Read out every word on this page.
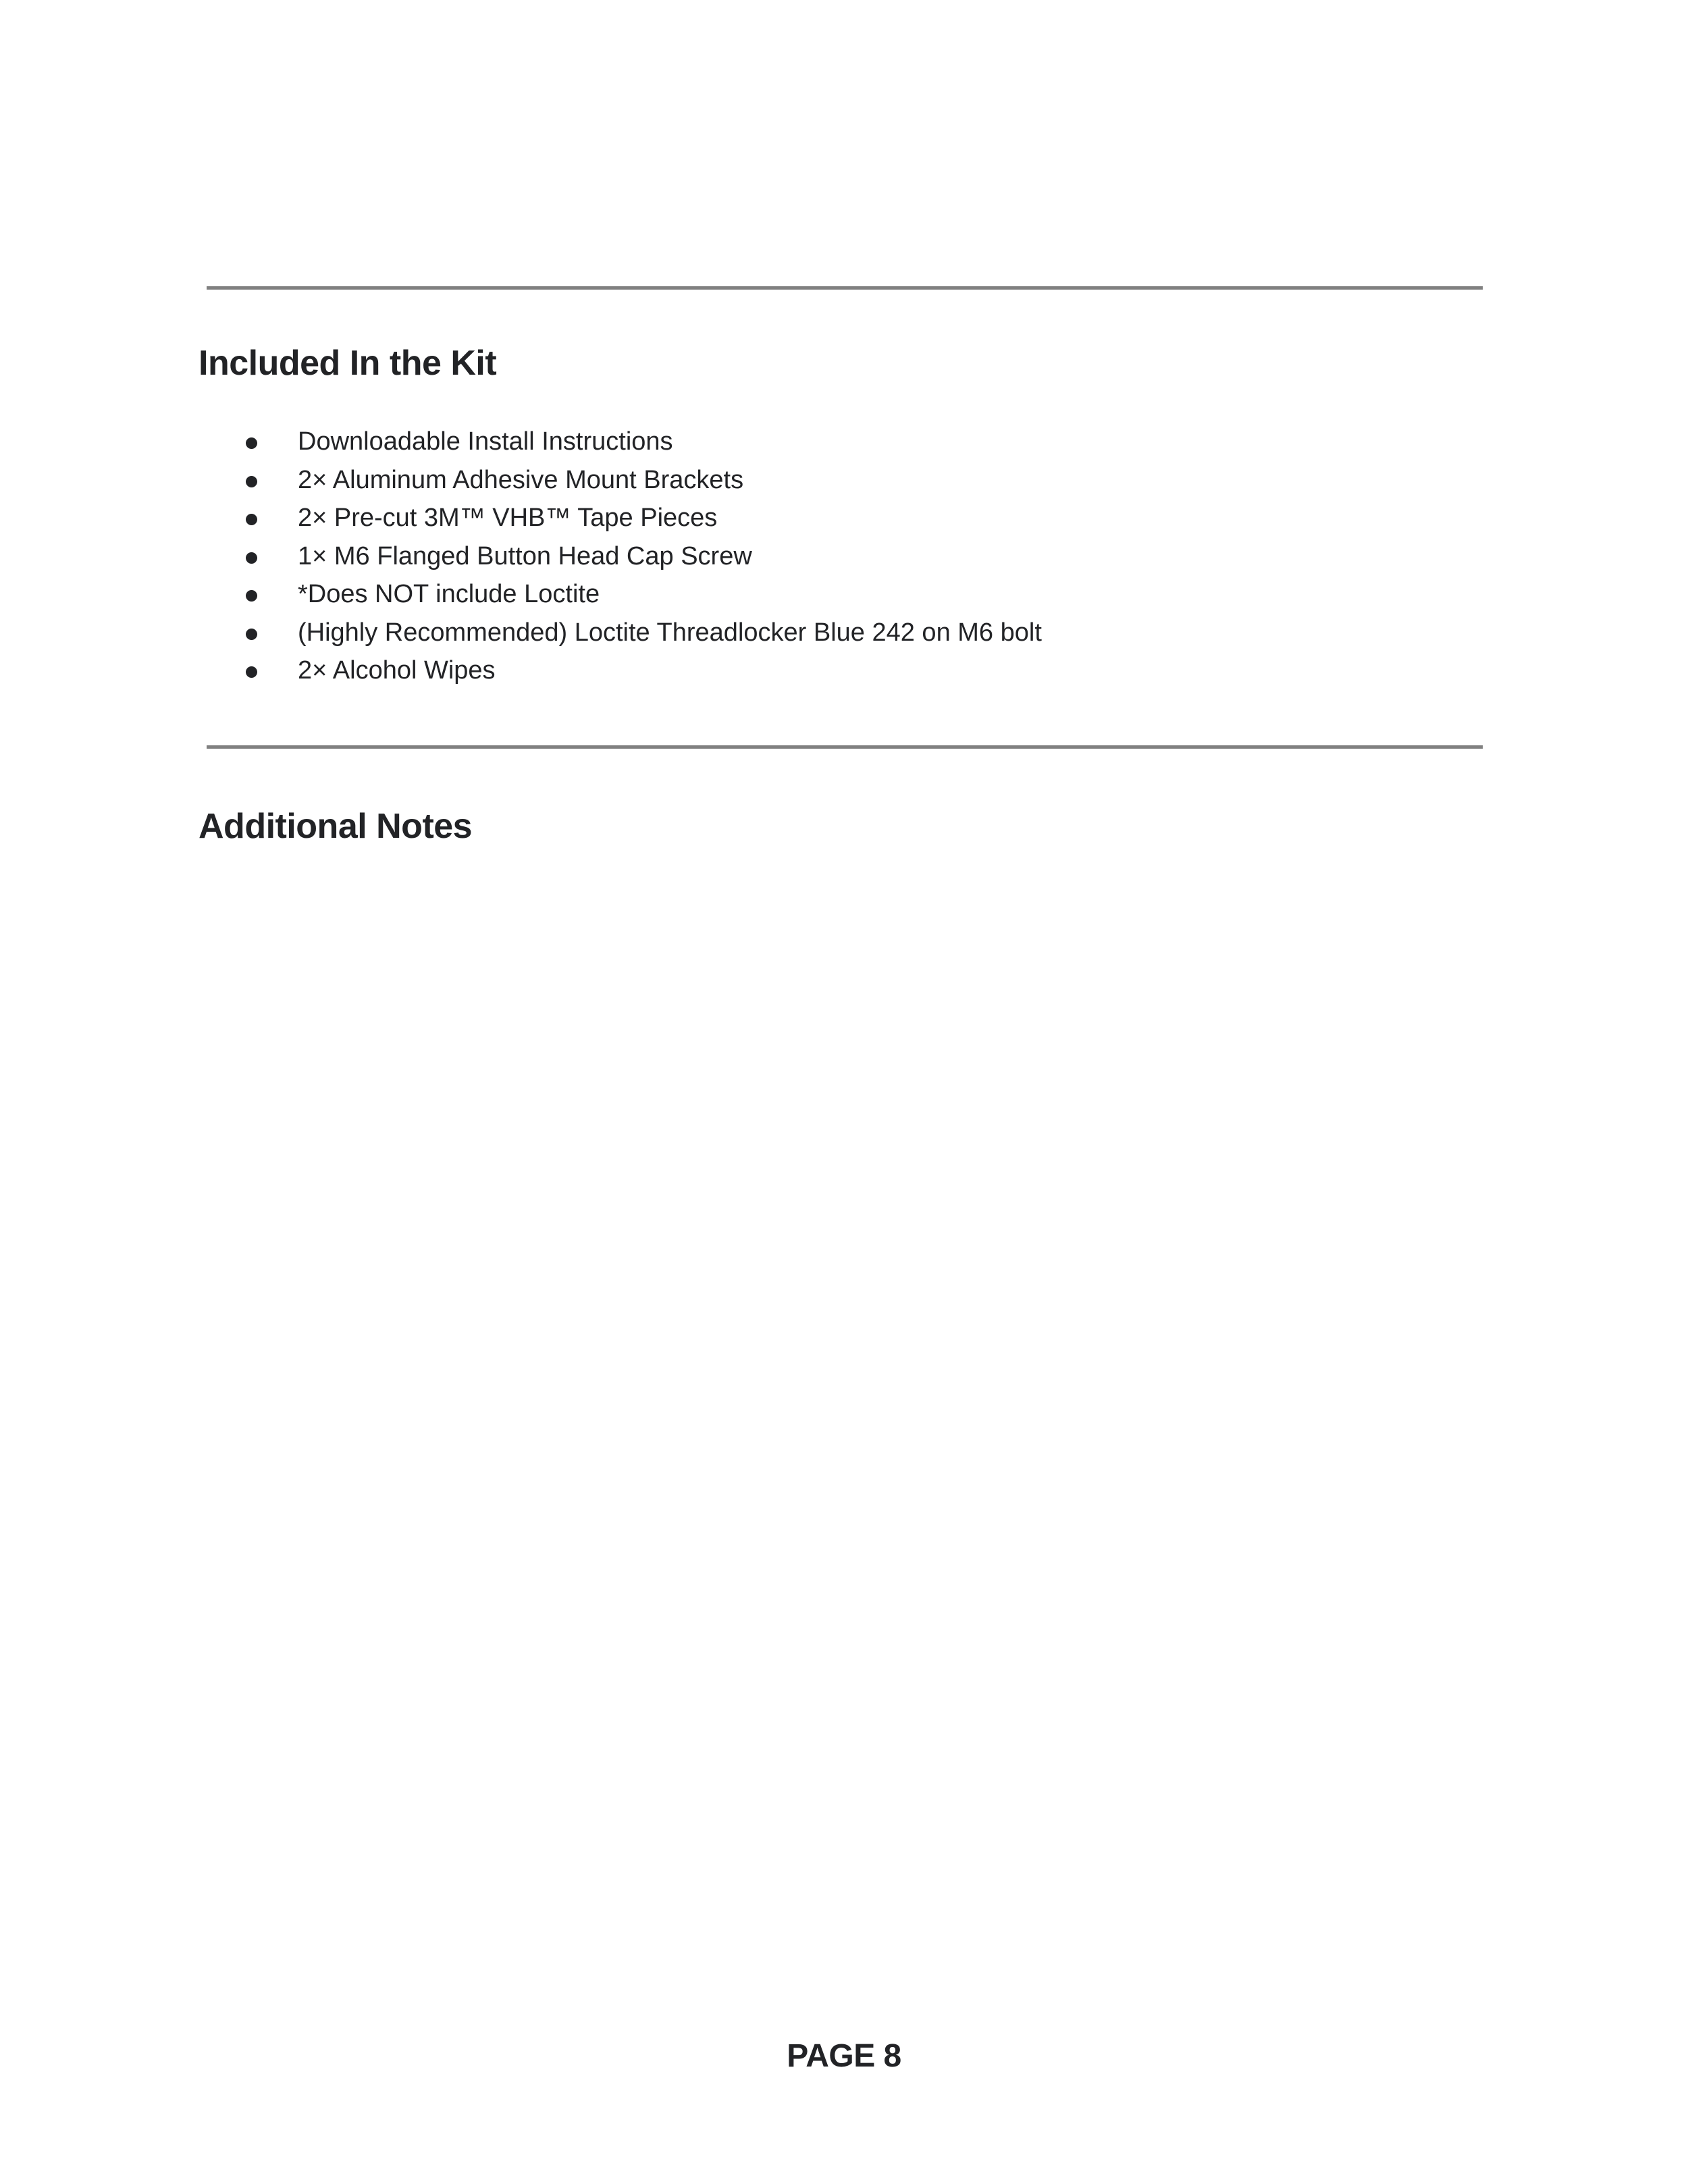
Included In the Kit
Downloadable Install Instructions
2× Aluminum Adhesive Mount Brackets
2× Pre-cut 3M™ VHB™ Tape Pieces
1× M6 Flanged Button Head Cap Screw
*Does NOT include Loctite
(Highly Recommended) Loctite Threadlocker Blue 242 on M6 bolt
2× Alcohol Wipes
Additional Notes
PAGE 8
